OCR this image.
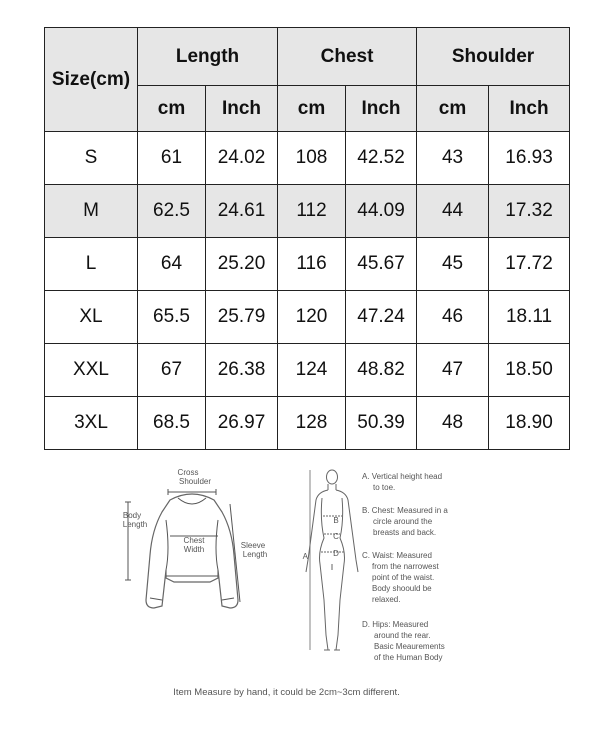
Size(cm)	Length		Chest		Shoulder	
	cm	Inch	cm	Inch	cm	Inch
S	61	24.02	108	42.52	43	16.93
M	62.5	24.61	112	44.09	44	17.32
L	64	25.20	116	45.67	45	17.72
XL	65.5	25.79	120	47.24	46	18.11
XXL	67	26.38	124	48.82	47	18.50
3XL	68.5	26.97	128	50.39	48	18.90
Cross
Shoulder
Body
Length
Chest
Width	Sleeve
Length
B
C
D
A
A. Vertical height head
to toe.
B. Chest: Measured in a
circle around the
breasts and back.
C. Waist: Measured
from the narrowest
point of the waist.
Body shoould be
relaxed.
D. Hips: Measured
around the rear.
Basic Meaurements
of the Human Body
Item Measure by hand, it could be 2cm~3cm different.
